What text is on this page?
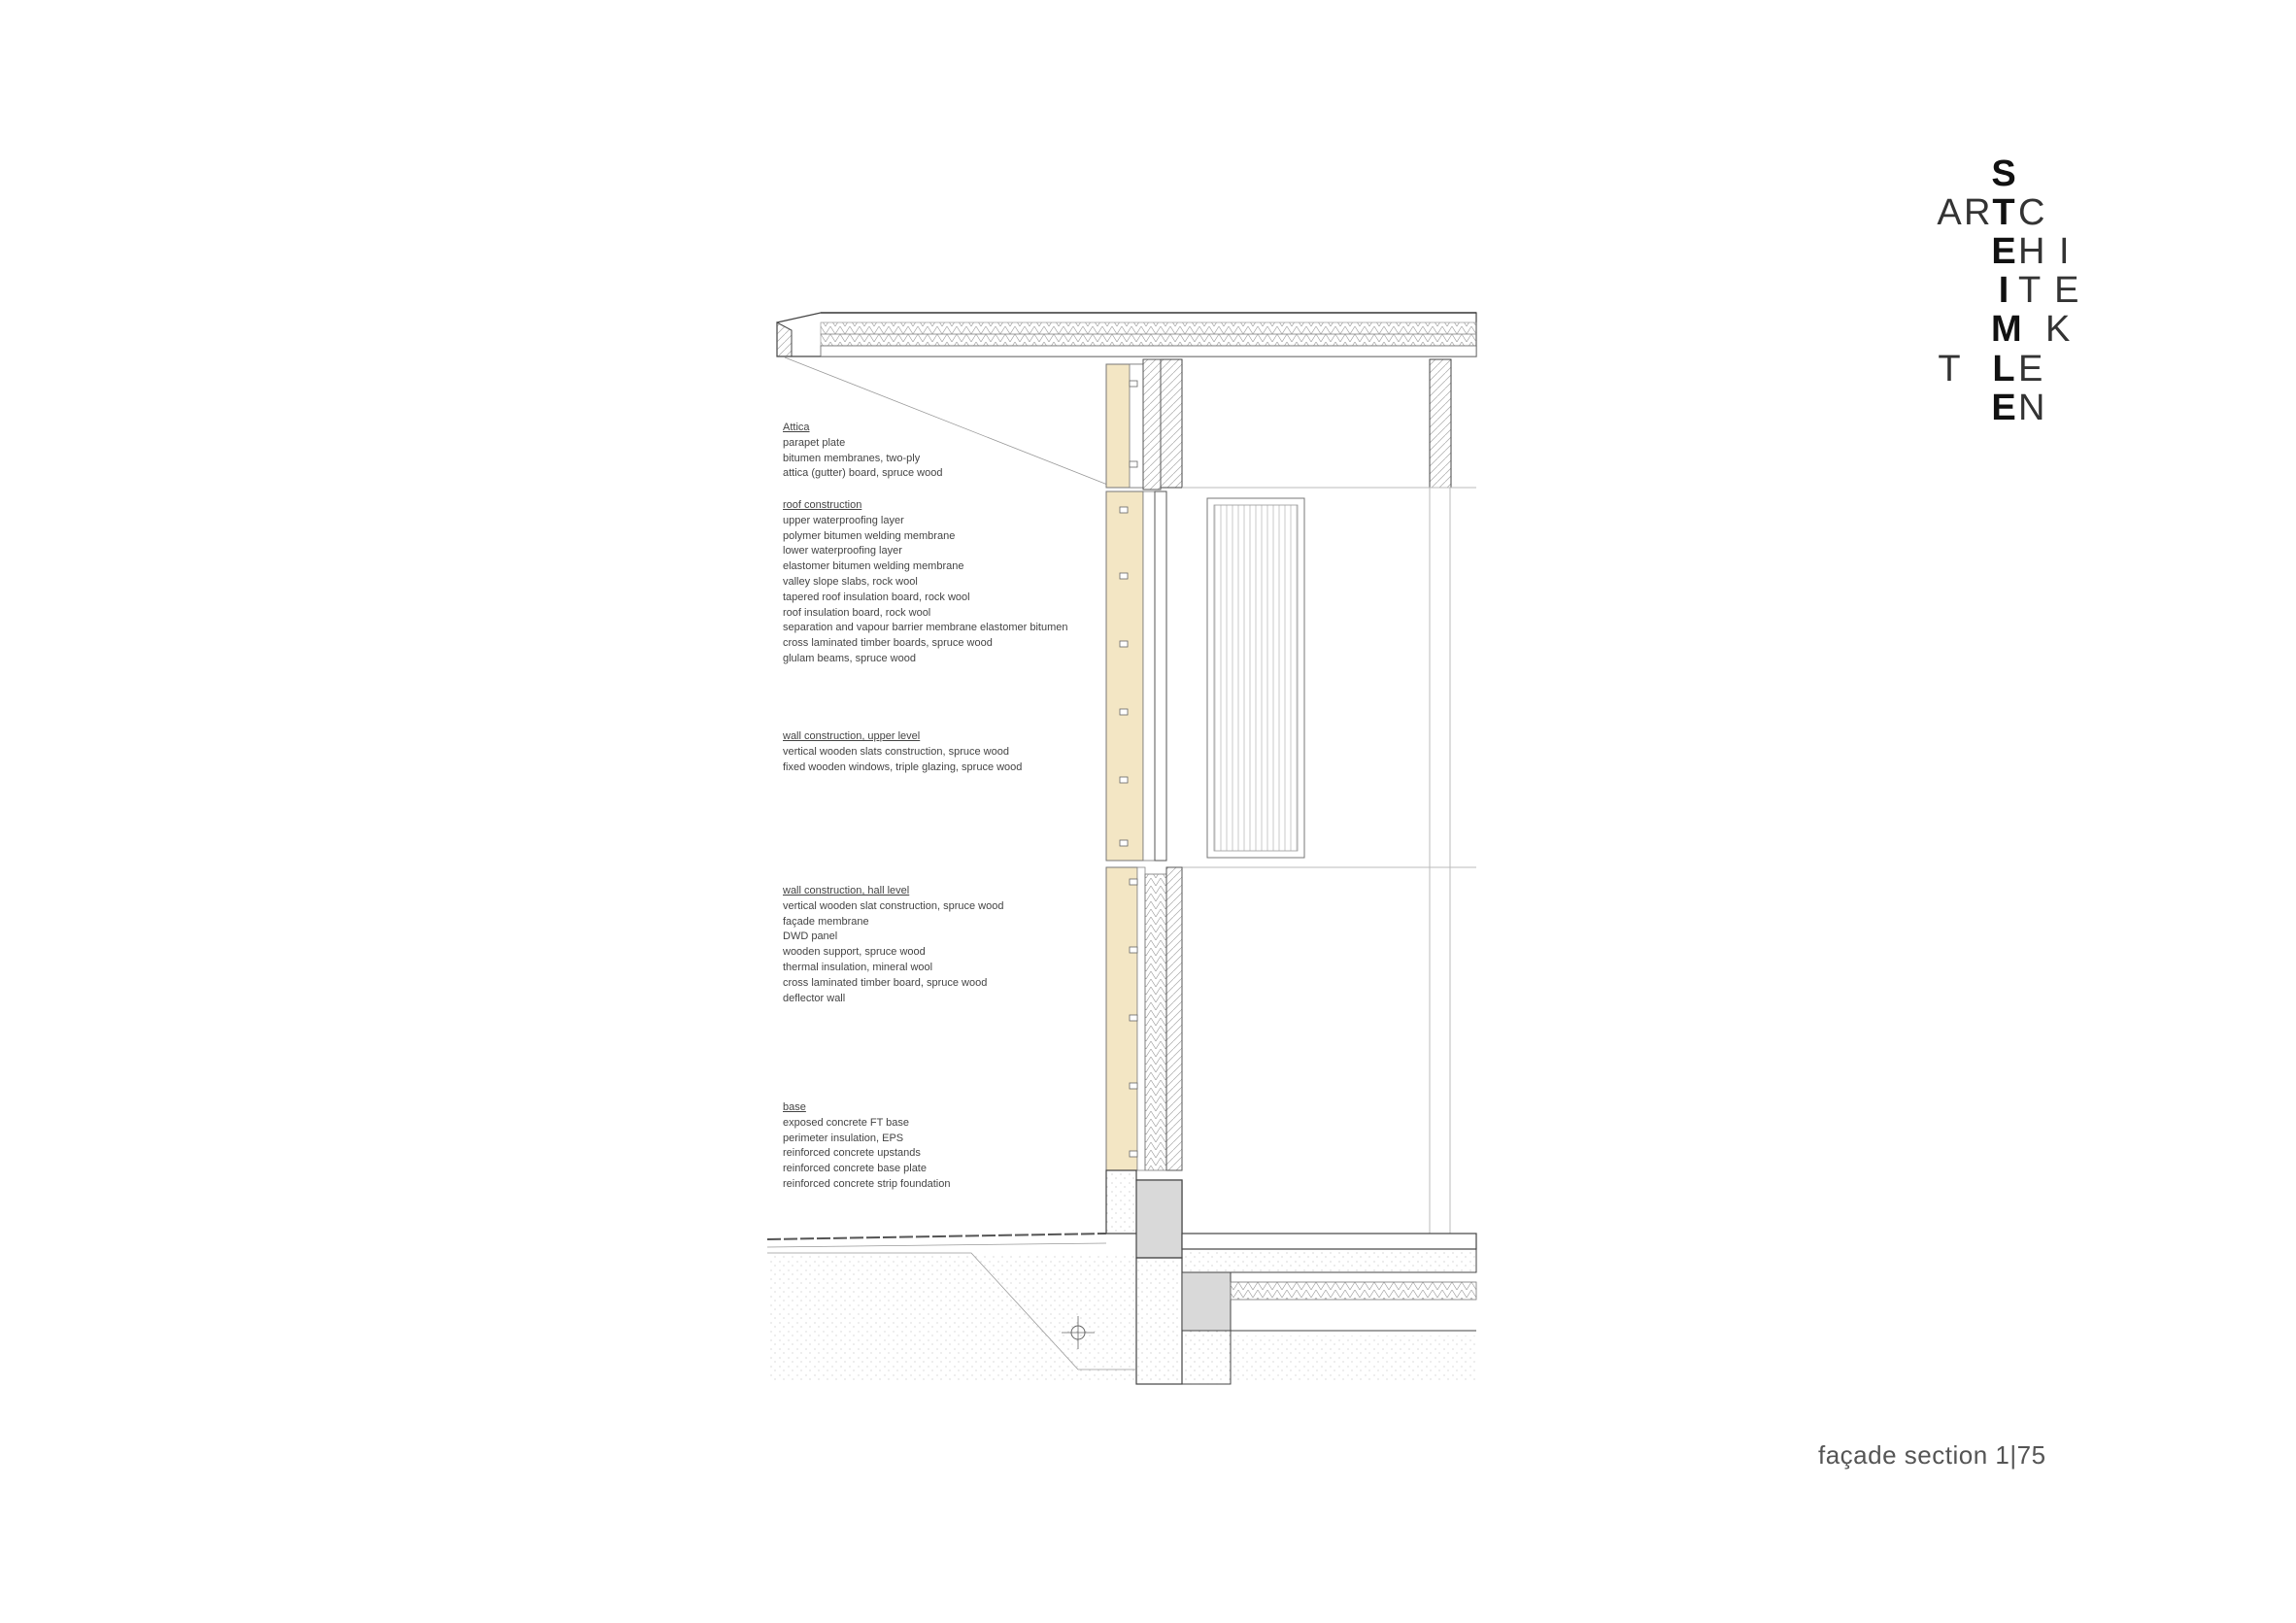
A R
T
S
T
E
I
M
L
E
C
H I
T E
K
E
N
Attica
parapet plate
bitumen membranes, two-ply
attica (gutter) board, spruce wood
roof construction
upper waterproofing layer
polymer bitumen welding membrane
lower waterproofing layer
elastomer bitumen welding membrane
valley slope slabs, rock wool
tapered roof insulation board, rock wool
roof insulation board, rock wool
separation and vapour barrier membrane elastomer bitumen
cross laminated timber boards, spruce wood
glulam beams, spruce wood
wall construction, upper level
vertical wooden slats construction, spruce wood
fixed wooden windows, triple glazing, spruce wood
wall construction, hall level
vertical wooden slat construction, spruce wood
façade membrane
DWD panel
wooden support, spruce wood
thermal insulation, mineral wool
cross laminated timber board, spruce wood
deflector wall
base
exposed concrete FT base
perimeter insulation, EPS
reinforced concrete upstands
reinforced concrete base plate
reinforced concrete strip foundation
façade section 1|75
